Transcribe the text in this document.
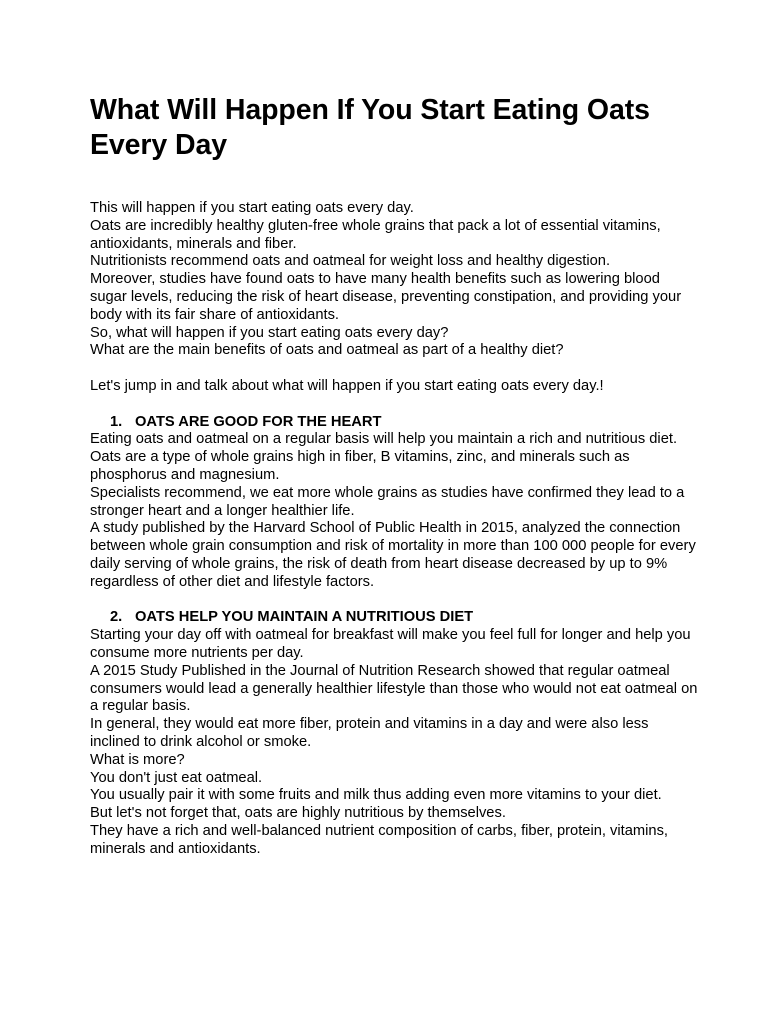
What Will Happen If You Start Eating Oats Every Day

This will happen if you start eating oats every day.

Oats are incredibly healthy gluten-free whole grains that pack a lot of essential vitamins, antioxidants, minerals and fiber.

Nutritionists recommend oats and oatmeal for weight loss and healthy digestion.

Moreover, studies have found oats to have many health benefits such as lowering blood sugar levels, reducing the risk of heart disease, preventing constipation, and providing your body with its fair share of antioxidants.

So, what will happen if you start eating oats every day?

What are the main benefits of oats and oatmeal as part of a healthy diet?

Let's jump in and talk about what will happen if you start eating oats every day.!

1. OATS ARE GOOD FOR THE HEART

Eating oats and oatmeal on a regular basis will help you maintain a rich and nutritious diet.

Oats are a type of whole grains high in fiber, B vitamins, zinc, and minerals such as phosphorus and magnesium.

Specialists recommend, we eat more whole grains as studies have confirmed they lead to a stronger heart and a longer healthier life.

A study published by the Harvard School of Public Health in 2015, analyzed the connection between whole grain consumption and risk of mortality in more than 100 000 people for every daily serving of whole grains, the risk of death from heart disease decreased by up to 9% regardless of other diet and lifestyle factors.

2. OATS HELP YOU MAINTAIN A NUTRITIOUS DIET

Starting your day off with oatmeal for breakfast will make you feel full for longer and help you consume more nutrients per day.

A 2015 Study Published in the Journal of Nutrition Research showed that regular oatmeal consumers would lead a generally healthier lifestyle than those who would not eat oatmeal on a regular basis.

In general, they would eat more fiber, protein and vitamins in a day and were also less inclined to drink alcohol or smoke.

What is more?

You don't just eat oatmeal.

You usually pair it with some fruits and milk thus adding even more vitamins to your diet.

But let's not forget that, oats are highly nutritious by themselves.

They have a rich and well-balanced nutrient composition of carbs, fiber, protein, vitamins, minerals and antioxidants.
